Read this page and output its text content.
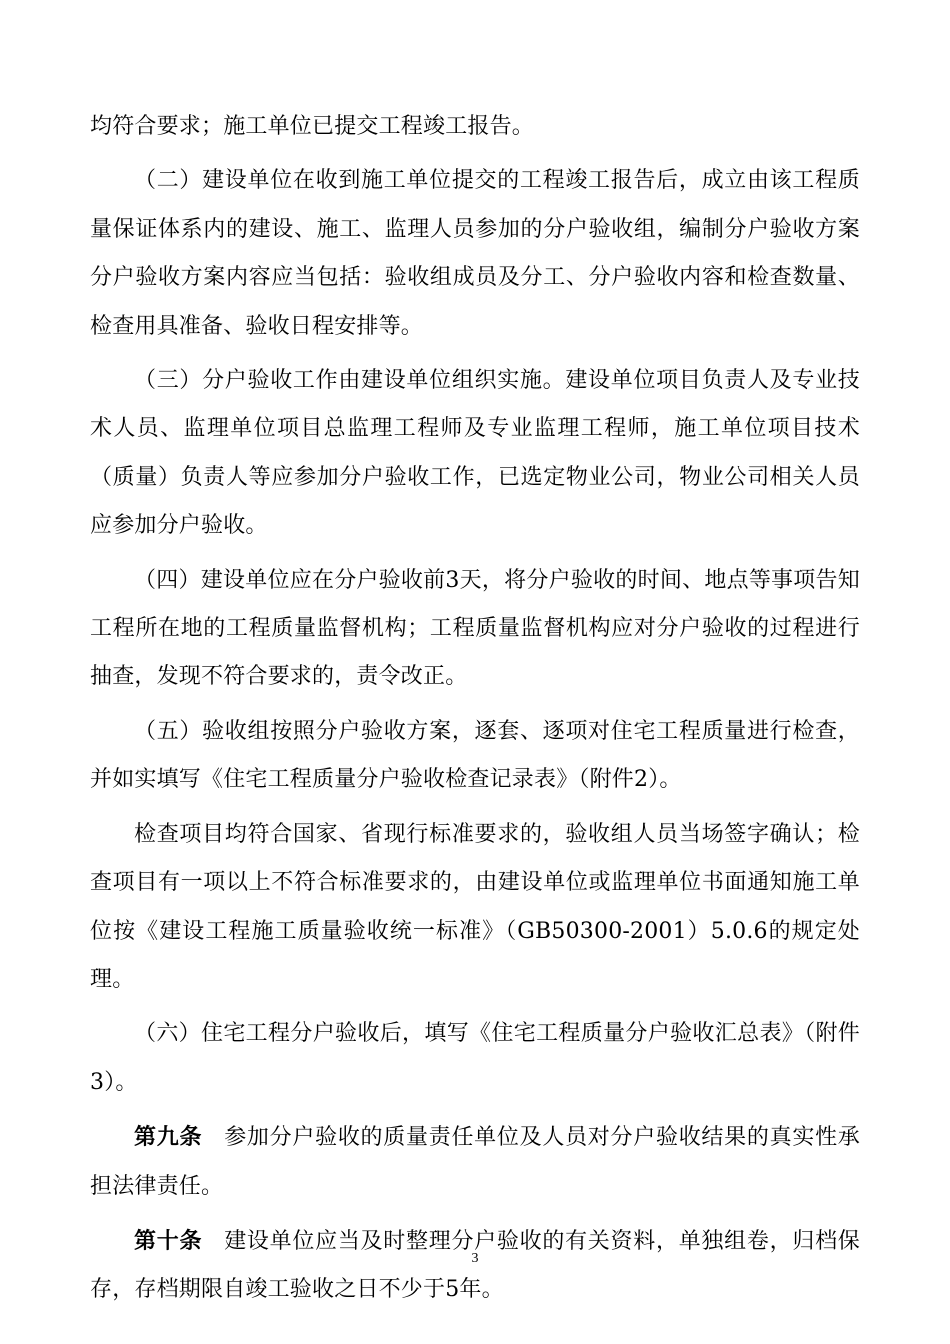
均符合要求；施工单位已提交工程竣工报告。

（二）建设单位在收到施工单位提交的工程竣工报告后，成立由该工程质量保证体系内的建设、施工、监理人员参加的分户验收组，编制分户验收方案分户验收方案内容应当包括：验收组成员及分工、分户验收内容和检查数量、检查用具准备、验收日程安排等。

（三）分户验收工作由建设单位组织实施。建设单位项目负责人及专业技术人员、监理单位项目总监理工程师及专业监理工程师，施工单位项目技术（质量）负责人等应参加分户验收工作，已选定物业公司，物业公司相关人员应参加分户验收。

（四）建设单位应在分户验收前3天，将分户验收的时间、地点等事项告知工程所在地的工程质量监督机构；工程质量监督机构应对分户验收的过程进行抽查，发现不符合要求的，责令改正。

（五）验收组按照分户验收方案，逐套、逐项对住宅工程质量进行检查，并如实填写《住宅工程质量分户验收检查记录表》（附件2）。

检查项目均符合国家、省现行标准要求的，验收组人员当场签字确认；检查项目有一项以上不符合标准要求的，由建设单位或监理单位书面通知施工单位按《建设工程施工质量验收统一标准》（GB50300-2001）5.0.6的规定处理。

（六）住宅工程分户验收后，填写《住宅工程质量分户验收汇总表》（附件3）。

第九条 参加分户验收的质量责任单位及人员对分户验收结果的真实性承担法律责任。

第十条 建设单位应当及时整理分户验收的有关资料，单独组卷，归档保存，存档期限自竣工验收之日不少于5年。

3
